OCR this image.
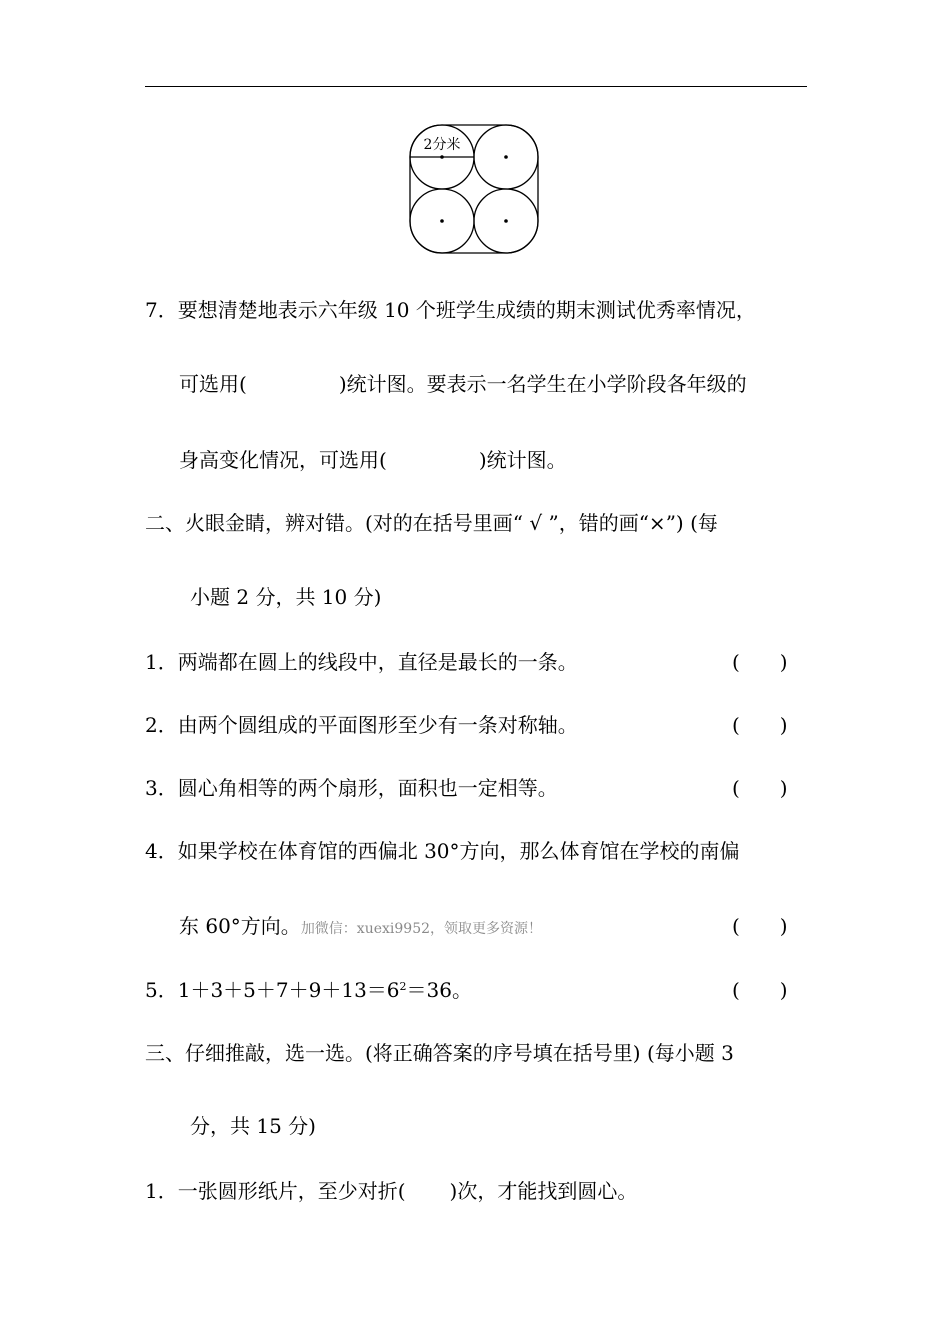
2分米
7．要想清楚地表示六年级 10 个班学生成绩的期末测试优秀率情况，
可选用(	)统计图。要表示一名学生在小学阶段各年级的
身高变化情况，可选用(	)统计图。
二、火眼金睛，辨对错。(对的在括号里画“ √ ”，错的画“×”) (每
小题 2 分，共 10 分)
1．两端都在圆上的线段中，直径是最长的一条。	(　　)
2．由两个圆组成的平面图形至少有一条对称轴。	(　　)
3．圆心角相等的两个扇形，面积也一定相等。	(　　)
4．如果学校在体育馆的西偏北 30°方向，那么体育馆在学校的南偏
东 60°方向。加微信：xuexi9952，领取更多资源！	(　　)
5．$1+3+5+7+9+13=6^2=36$。	(　　)
三、仔细推敲，选一选。(将正确答案的序号填在括号里) (每小题 3
分，共 15 分)
1．一张圆形纸片，至少对折( )次，才能找到圆心。
